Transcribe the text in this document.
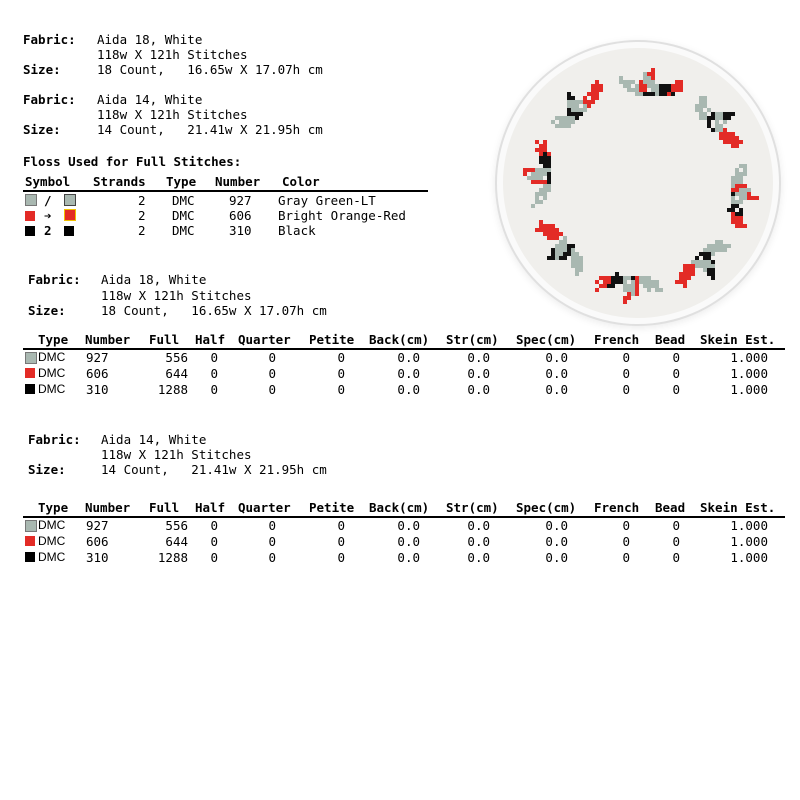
Fabric: Aida 18, White
118w X 121h Stitches
Size:	18 Count,   16.65w X 17.07h cm
Fabric: Aida 14, White
118w X 121h Stitches
Size:	14 Count,   21.41w X 21.95h cm
Floss Used for Full Stitches:
Symbol Strands Type Number Color
/	2 DMC	927 Gray Green-LT
➔	2 DMC	606 Bright Orange-Red
2	2 DMC	310 Black
Fabric: Aida 18, White
118w X 121h Stitches
Size:	18 Count,   16.65w X 17.07h cm
Type Number Full Half Quarter Petite Back(cm) Str(cm) Spec(cm) French Bead Skein Est.
DMC 927	556 0	0	0	0.0	0.0	0.0	0	0	1.000
DMC 606	644 0	0	0	0.0	0.0	0.0	0	0	1.000
DMC 310	1288 0	0	0	0.0	0.0	0.0	0	0	1.000
Fabric: Aida 14, White
118w X 121h Stitches
Size:	14 Count,   21.41w X 21.95h cm
Type Number Full Half Quarter Petite Back(cm) Str(cm) Spec(cm) French Bead Skein Est.
DMC 927	556 0	0	0	0.0	0.0	0.0	0	0	1.000
DMC 606	644 0	0	0	0.0	0.0	0.0	0	0	1.000
DMC 310	1288 0	0	0	0.0	0.0	0.0	0	0	1.000
